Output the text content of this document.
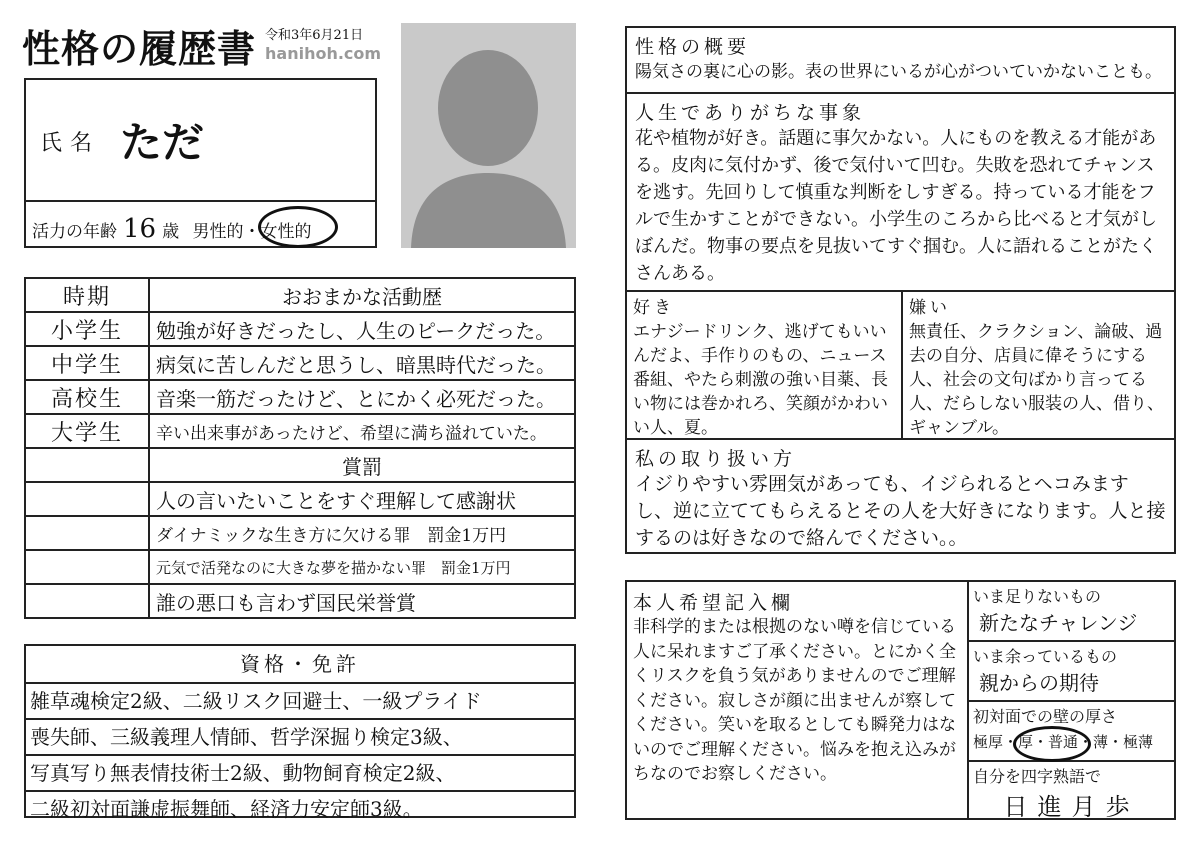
性格の履歴書 令和3年6月21日
hanihoh.com
氏名 ただ
活力の年齢 16 歳 男性的・女性的
時期	おおまかな活動歴
小学生	勉強が好きだったし、人生のピークだった。
中学生	病気に苦しんだと思うし、暗黒時代だった。
高校生	音楽一筋だったけど、とにかく必死だった。
大学生	辛い出来事があったけど、希望に満ち溢れていた。
	賞罰
	人の言いたいことをすぐ理解して感謝状
	ダイナミックな生き方に欠ける罪　罰金1万円
	元気で活発なのに大きな夢を描かない罪　罰金1万円
	誰の悪口も言わず国民栄誉賞
資格・免許
雑草魂検定2級、二級リスク回避士、一級プライド
喪失師、三級義理人情師、哲学深掘り検定3級、
写真写り無表情技術士2級、動物飼育検定2級、
二級初対面謙虚振舞師、経済力安定師3級。
性格の概要
陽気さの裏に心の影。表の世界にいるが心がついていかないことも。
人生でありがちな事象
花や植物が好き。話題に事欠かない。人にものを教える才能がある。皮肉に気付かず、後で気付いて凹む。失敗を恐れてチャンスを逃す。先回りして慎重な判断をしすぎる。持っている才能をフルで生かすことができない。小学生のころから比べると才気がしぼんだ。物事の要点を見抜いてすぐ掴む。人に語れることがたくさんある。
好き
エナジードリンク、逃げてもいいんだよ、手作りのもの、ニュース番組、やたら刺激の強い目薬、長い物には巻かれろ、笑顔がかわいい人、夏。
嫌い
無責任、クラクション、論破、過去の自分、店員に偉そうにする人、社会の文句ばかり言ってる人、だらしない服装の人、借り、ギャンブル。
私の取り扱い方
イジりやすい雰囲気があっても、イジられるとヘコみますし、逆に立ててもらえるとその人を大好きになります。人と接するのは好きなので絡んでください。。
本人希望記入欄
非科学的または根拠のない噂を信じている人に呆れますご了承ください。とにかく全くリスクを負う気がありませんのでご理解ください。寂しさが顔に出ませんが察してください。笑いを取るとしても瞬発力はないのでご理解ください。悩みを抱え込みがちなのでお察しください。
いま足りないもの
新たなチャレンジ
いま余っているもの
親からの期待
初対面での壁の厚さ
極厚・厚・普通・薄・極薄
自分を四字熟語で
日進月歩
